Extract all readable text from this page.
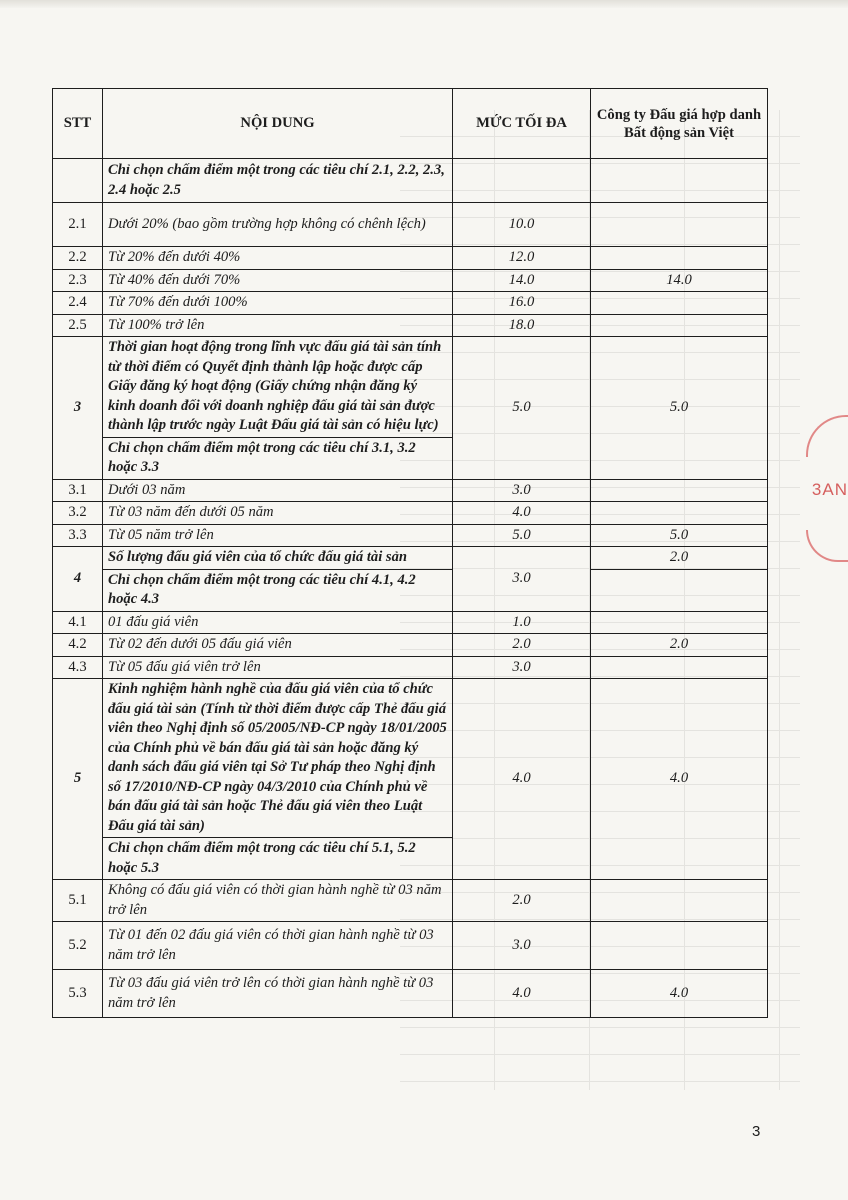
3AN
STT	NỘI DUNG	MỨC TỐI ĐA	Công ty Đấu giá hợp danh Bất động sản Việt
	Chỉ chọn chấm điểm một trong các tiêu chí 2.1, 2.2, 2.3, 2.4 hoặc 2.5		
2.1	Dưới 20% (bao gồm trường hợp không có chênh lệch)	10.0	
2.2	Từ 20% đến dưới 40%	12.0	
2.3	Từ 40% đến dưới 70%	14.0	14.0
2.4	Từ 70% đến dưới 100%	16.0	
2.5	Từ 100% trở lên	18.0	
3	Thời gian hoạt động trong lĩnh vực đấu giá tài sản tính từ thời điểm có Quyết định thành lập hoặc được cấp Giấy đăng ký hoạt động (Giấy chứng nhận đăng ký kinh doanh đối với doanh nghiệp đấu giá tài sản được thành lập trước ngày Luật Đấu giá tài sản có hiệu lực)	5.0	5.0
	Chỉ chọn chấm điểm một trong các tiêu chí 3.1, 3.2 hoặc 3.3		
3.1	Dưới 03 năm	3.0	
3.2	Từ 03 năm đến dưới 05 năm	4.0	
3.3	Từ 05 năm trở lên	5.0	5.0
4	Số lượng đấu giá viên của tổ chức đấu giá tài sản	3.0	2.0
	Chỉ chọn chấm điểm một trong các tiêu chí 4.1, 4.2 hoặc 4.3		
4.1	01 đấu giá viên	1.0	
4.2	Từ 02 đến dưới 05 đấu giá viên	2.0	2.0
4.3	Từ 05 đấu giá viên trở lên	3.0	
5	Kinh nghiệm hành nghề của đấu giá viên của tổ chức đấu giá tài sản (Tính từ thời điểm được cấp Thẻ đấu giá viên theo Nghị định số 05/2005/NĐ-CP ngày 18/01/2005 của Chính phủ về bán đấu giá tài sản hoặc đăng ký danh sách đấu giá viên tại Sở Tư pháp theo Nghị định số 17/2010/NĐ-CP ngày 04/3/2010 của Chính phủ về bán đấu giá tài sản hoặc Thẻ đấu giá viên theo Luật Đấu giá tài sản)	4.0	4.0
	Chỉ chọn chấm điểm một trong các tiêu chí 5.1, 5.2 hoặc 5.3		
5.1	Không có đấu giá viên có thời gian hành nghề từ 03 năm trở lên	2.0	
5.2	Từ 01 đến 02 đấu giá viên có thời gian hành nghề từ 03 năm trở lên	3.0	
5.3	Từ 03 đấu giá viên trở lên có thời gian hành nghề từ 03 năm trở lên	4.0	4.0
3
